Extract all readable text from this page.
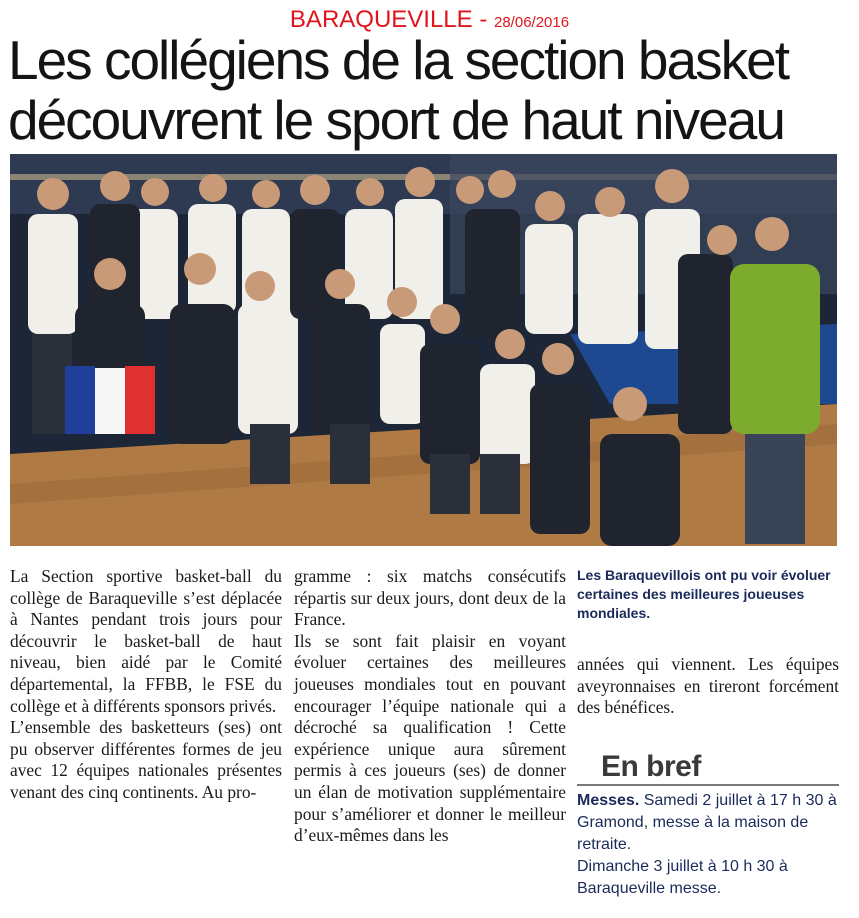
BARAQUEVILLE - 28/06/2016
Les collégiens de la section basket
découvrent le sport de haut niveau

La Section sportive basket-ball du collège de Baraqueville s’est déplacée à Nantes pendant trois jours pour découvrir le basket-ball de haut niveau, bien aidé par le Comité départemental, la FFBB, le FSE du collège et à différents sponsors privés.

L’ensemble des basketteurs (ses) ont pu observer différentes formes de jeu avec 12 équipes nationales présentes venant des cinq continents. Au pro-

gramme : six matchs consécutifs répartis sur deux jours, dont deux de la France.

Ils se sont fait plaisir en voyant évoluer certaines des meilleures joueuses mondiales tout en pouvant encourager l’équipe nationale qui a décroché sa qualification ! Cette expérience unique aura sûrement permis à ces joueurs (ses) de donner un élan de motivation supplémentaire pour s’améliorer et donner le meilleur d’eux-mêmes dans les

Les Baraquevillois ont pu voir évoluer certaines des meilleures joueuses mondiales.

années qui viennent. Les équipes aveyronnaises en tireront forcément des bénéfices.

En bref

Messes. Samedi 2 juillet à 17 h 30 à Gramond, messe à la maison de retraite.

Dimanche 3 juillet à 10 h 30 à Baraqueville messe.
